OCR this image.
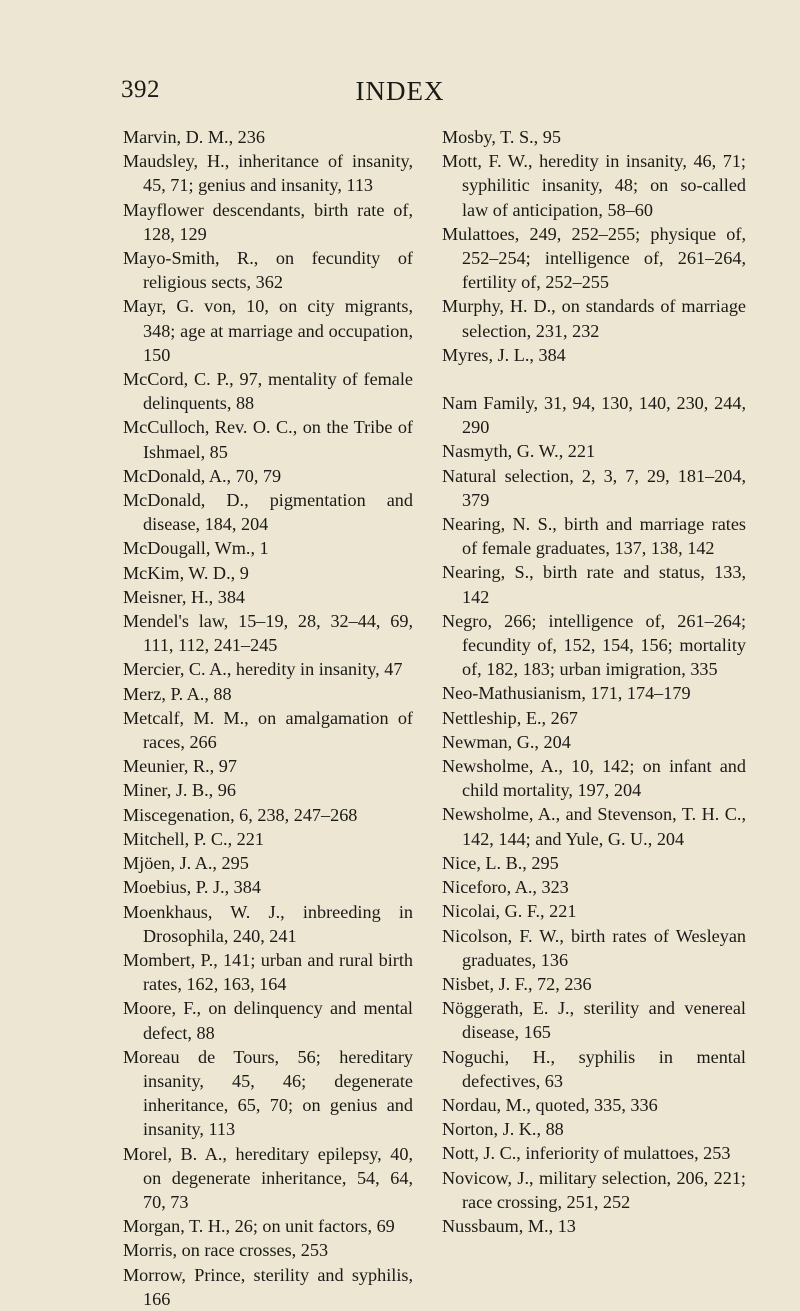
392	INDEX

Marvin, D. M., 236

Maudsley, H., inheritance of insanity, 45, 71; genius and insanity, 113

Mayflower descendants, birth rate of, 128, 129

Mayo-Smith, R., on fecundity of religious sects, 362

Mayr, G. von, 10, on city migrants, 348; age at marriage and occupation, 150

McCord, C. P., 97, mentality of female delinquents, 88

McCulloch, Rev. O. C., on the Tribe of Ishmael, 85

McDonald, A., 70, 79

McDonald, D., pigmentation and disease, 184, 204

McDougall, Wm., 1

McKim, W. D., 9

Meisner, H., 384

Mendel's law, 15–19, 28, 32–44, 69, 111, 112, 241–245

Mercier, C. A., heredity in insanity, 47

Merz, P. A., 88

Metcalf, M. M., on amalgamation of races, 266

Meunier, R., 97

Miner, J. B., 96

Miscegenation, 6, 238, 247–268

Mitchell, P. C., 221

Mjöen, J. A., 295

Moebius, P. J., 384

Moenkhaus, W. J., inbreeding in Drosophila, 240, 241

Mombert, P., 141; urban and rural birth rates, 162, 163, 164

Moore, F., on delinquency and mental defect, 88

Moreau de Tours, 56; hereditary insanity, 45, 46; degenerate inheritance, 65, 70; on genius and insanity, 113

Morel, B. A., hereditary epilepsy, 40, on degenerate inheritance, 54, 64, 70, 73

Morgan, T. H., 26; on unit factors, 69

Morris, on race crosses, 253

Morrow, Prince, sterility and syphilis, 166

Mosby, T. S., 95

Mott, F. W., heredity in insanity, 46, 71; syphilitic insanity, 48; on so-called law of anticipation, 58–60

Mulattoes, 249, 252–255; physique of, 252–254; intelligence of, 261–264, fertility of, 252–255

Murphy, H. D., on standards of marriage selection, 231, 232

Myres, J. L., 384

Nam Family, 31, 94, 130, 140, 230, 244, 290

Nasmyth, G. W., 221

Natural selection, 2, 3, 7, 29, 181–204, 379

Nearing, N. S., birth and marriage rates of female graduates, 137, 138, 142

Nearing, S., birth rate and status, 133, 142

Negro, 266; intelligence of, 261–264; fecundity of, 152, 154, 156; mortality of, 182, 183; urban imigration, 335

Neo-Mathusianism, 171, 174–179

Nettleship, E., 267

Newman, G., 204

Newsholme, A., 10, 142; on infant and child mortality, 197, 204

Newsholme, A., and Stevenson, T. H. C., 142, 144; and Yule, G. U., 204

Nice, L. B., 295

Niceforo, A., 323

Nicolai, G. F., 221

Nicolson, F. W., birth rates of Wesleyan graduates, 136

Nisbet, J. F., 72, 236

Nöggerath, E. J., sterility and venereal disease, 165

Noguchi, H., syphilis in mental defectives, 63

Nordau, M., quoted, 335, 336

Norton, J. K., 88

Nott, J. C., inferiority of mulattoes, 253

Novicow, J., military selection, 206, 221; race crossing, 251, 252

Nussbaum, M., 13
